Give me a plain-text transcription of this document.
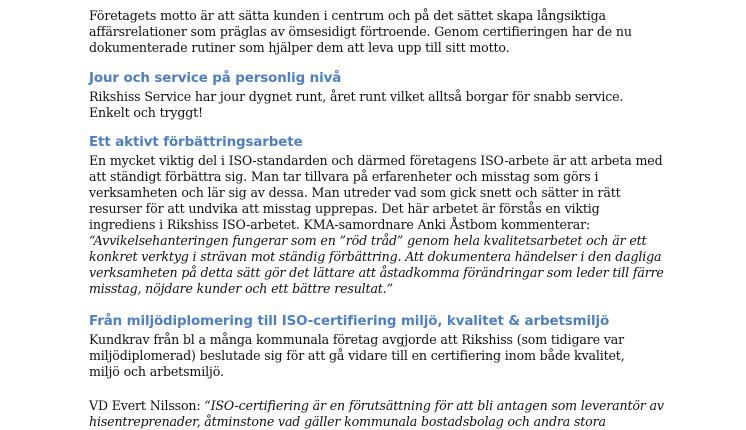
Företagets motto är att sätta kunden i centrum och på det sättet skapa långsiktiga
affärsrelationer som präglas av ömsesidigt förtroende. Genom certifieringen har de nu
dokumenterade rutiner som hjälper dem att leva upp till sitt motto.
Jour och service på personlig nivå
Rikshiss Service har jour dygnet runt, året runt vilket alltså borgar för snabb service.
Enkelt och tryggt!
Ett aktivt förbättringsarbete
En mycket viktig del i ISO-standarden och därmed företagens ISO-arbete är att arbeta med
att ständigt förbättra sig. Man tar tillvara på erfarenheter och misstag som görs i
verksamheten och lär sig av dessa. Man utreder vad som gick snett och sätter in rätt
resurser för att undvika att misstag upprepas. Det här arbetet är förstås en viktig
ingrediens i Rikshiss ISO-arbetet. KMA-samordnare Anki Åstbom kommenterar:
“Avvikelsehanteringen fungerar som en ”röd tråd” genom hela kvalitetsarbetet och är ett
konkret verktyg i strävan mot ständig förbättring. Att dokumentera händelser i den dagliga
verksamheten på detta sätt gör det lättare att åstadkomma förändringar som leder till färre
misstag, nöjdare kunder och ett bättre resultat.”
Från miljödiplomering till ISO-certifiering miljö, kvalitet & arbetsmiljö
Kundkrav från bl a många kommunala företag avgjorde att Rikshiss (som tidigare var
miljödiplomerad) beslutade sig för att gå vidare till en certifiering inom både kvalitet,
miljö och arbetsmiljö.
VD Evert Nilsson: “ISO-certifiering är en förutsättning för att bli antagen som leverantör av
hisentreprenader, åtminstone vad gäller kommunala bostadsbolag och andra stora
